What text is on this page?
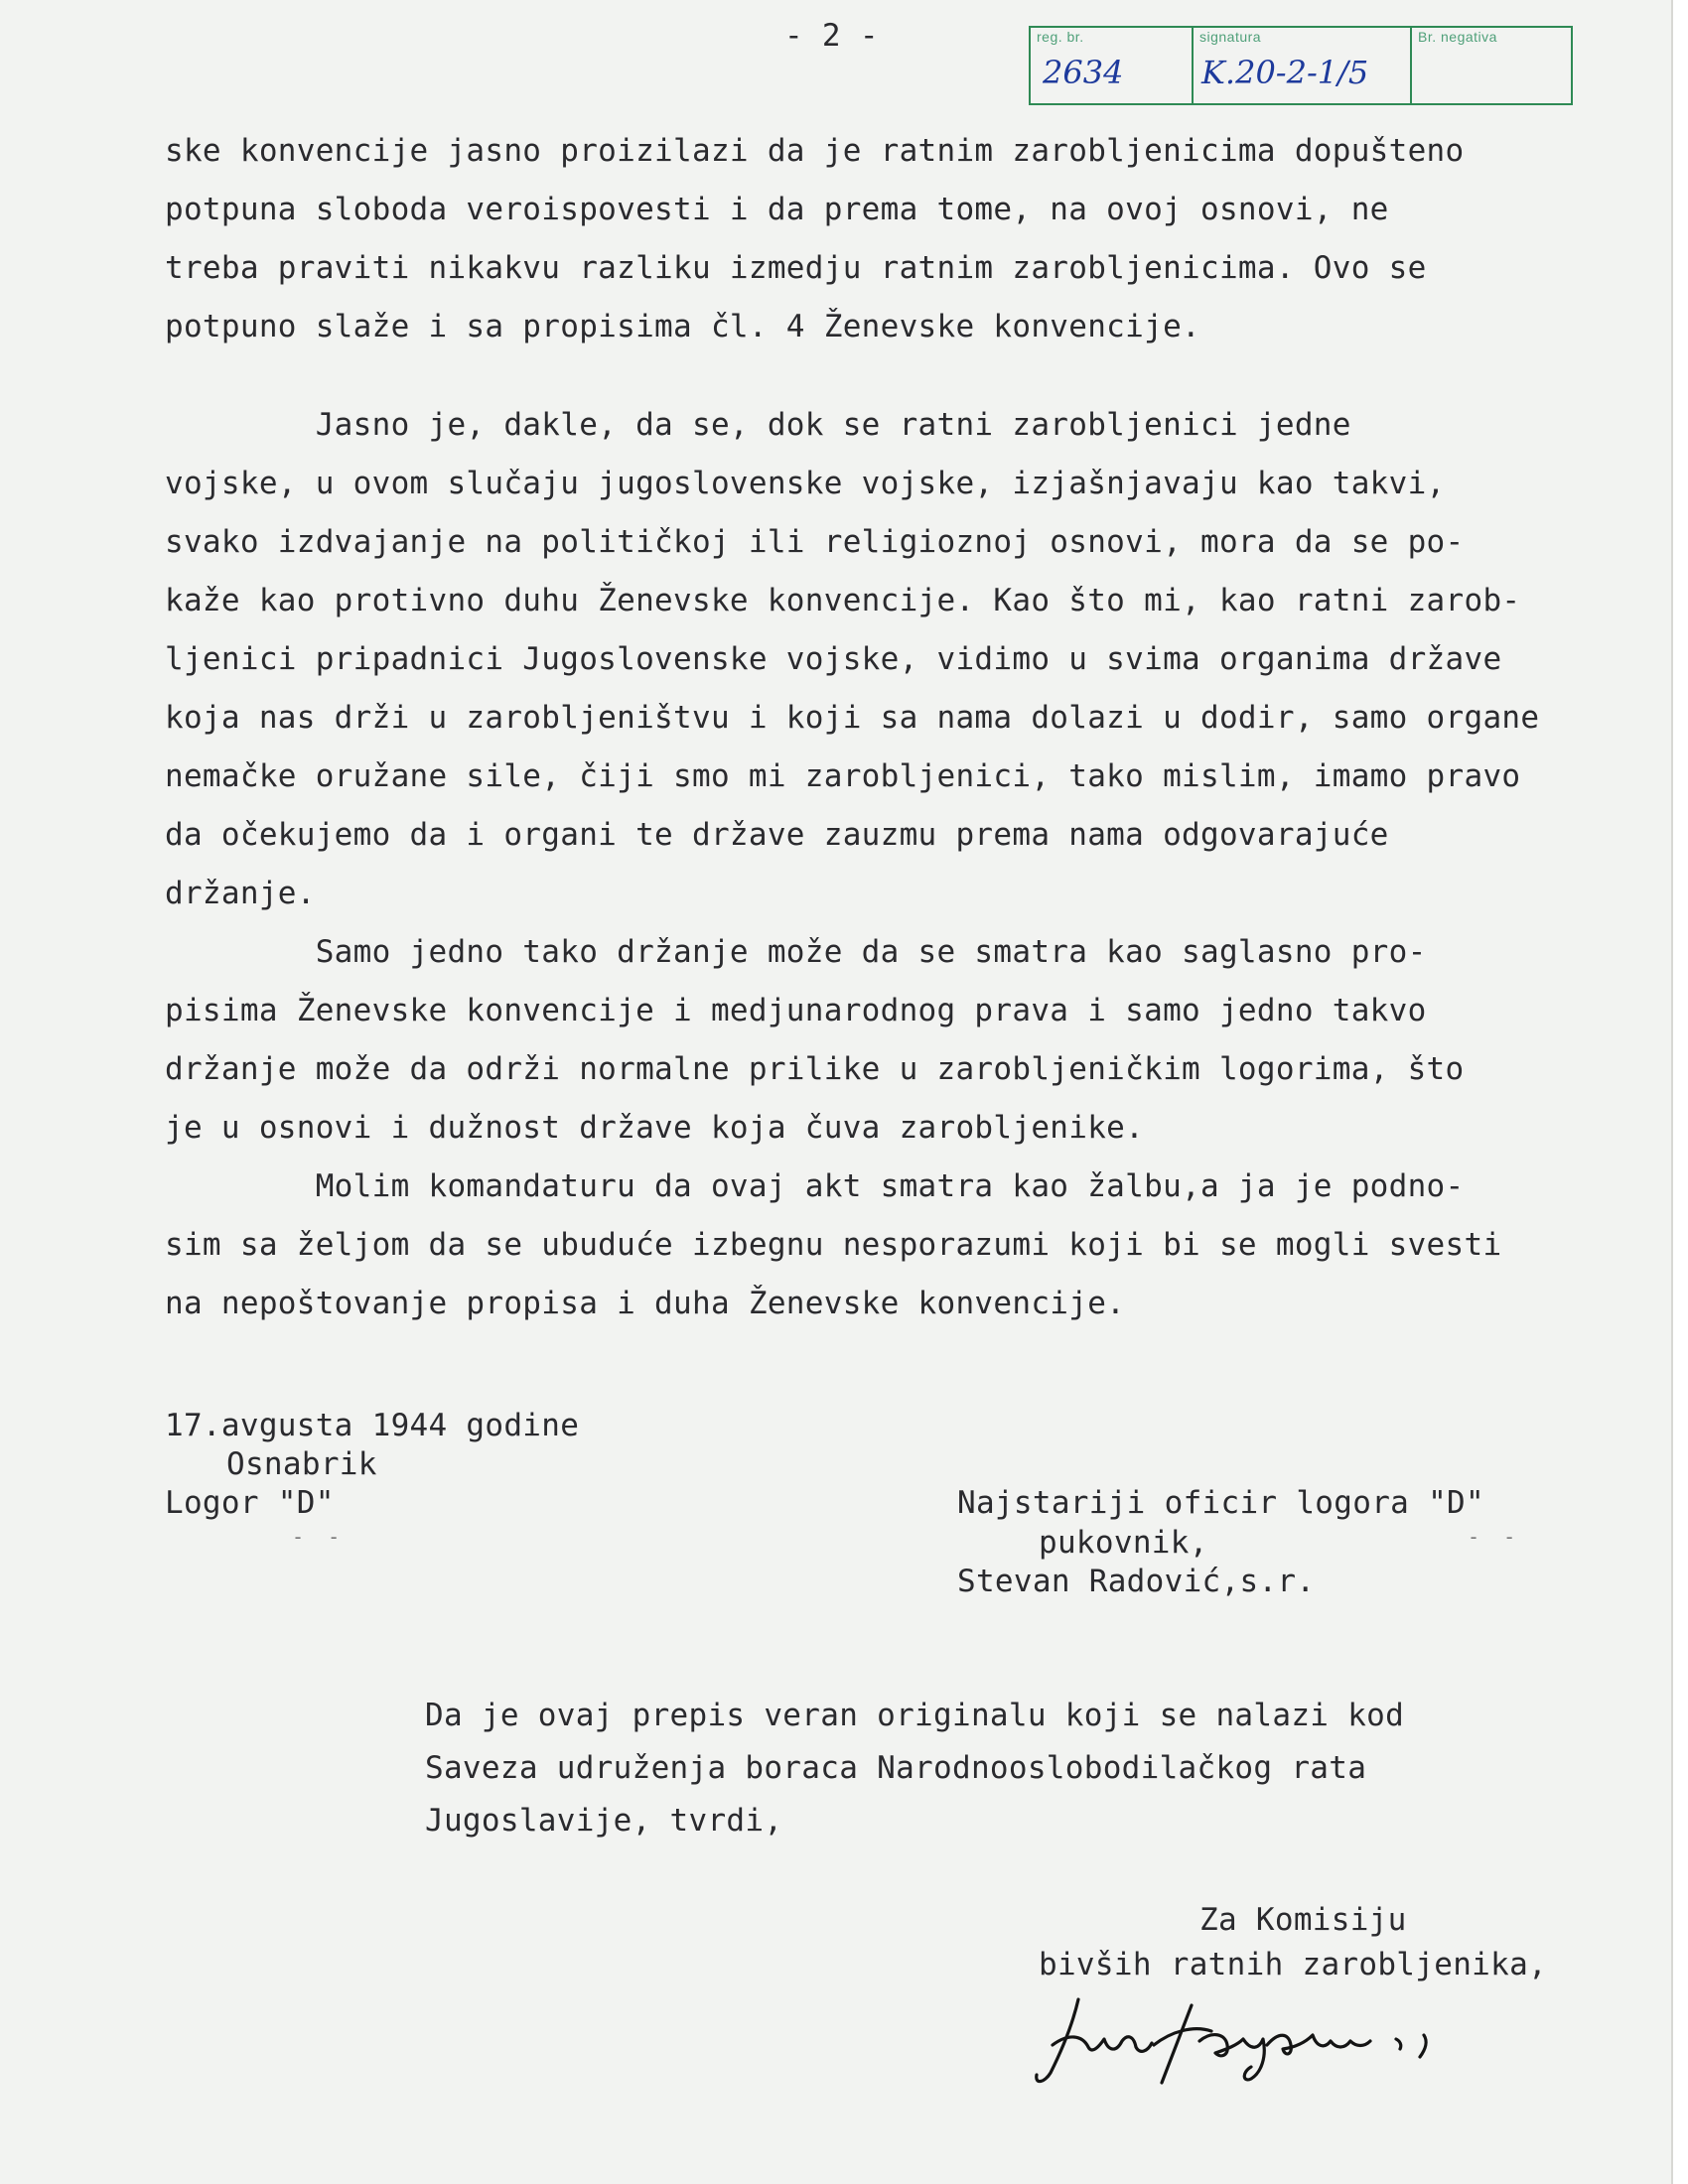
- 2 -	reg. br.
2634
signatura
K.20-2-1/5
Br. negativa

ske konvencije jasno proizilazi da je ratnim zarobljenicima dopušteno

potpuna sloboda veroispovesti i da prema tome, na ovoj osnovi, ne

treba praviti nikakvu razliku izmedju ratnim zarobljenicima. Ovo se

potpuno slaže i sa propisima čl. 4 Ženevske konvencije.

Jasno je, dakle, da se, dok se ratni zarobljenici jedne

vojske, u ovom slučaju jugoslovenske vojske, izjašnjavaju kao takvi,

svako izdvajanje na političkoj ili religioznoj osnovi, mora da se po-

kaže kao protivno duhu Ženevske konvencije. Kao što mi, kao ratni zarob-

ljenici pripadnici Jugoslovenske vojske, vidimo u svima organima države

koja nas drži u zarobljeništvu i koji sa nama dolazi u dodir, samo organe

nemačke oružane sile, čiji smo mi zarobljenici, tako mislim, imamo pravo

da očekujemo da i organi te države zauzmu prema nama odgovarajuće

držanje.

Samo jedno tako držanje može da se smatra kao saglasno pro-

pisima Ženevske konvencije i medjunarodnog prava i samo jedno takvo

držanje može da održi normalne prilike u zarobljeničkim logorima, što

je u osnovi i dužnost države koja čuva zarobljenike.

Molim komandaturu da ovaj akt smatra kao žalbu,a ja je podno-

sim sa željom da se ubuduće izbegnu nesporazumi koji bi se mogli svesti

na nepoštovanje propisa i duha Ženevske konvencije.

17.avgusta 1944 godine
Osnabrik
Logor "D"
- -
Najstariji oficir logora "D"
pukovnik,	- -
Stevan Radović,s.r.

Da je ovaj prepis veran originalu koji se nalazi kod

Saveza udruženja boraca Narodnooslobodilačkog rata

Jugoslavije, tvrdi,

Za Komisiju
bivših ratnih zarobljenika,
